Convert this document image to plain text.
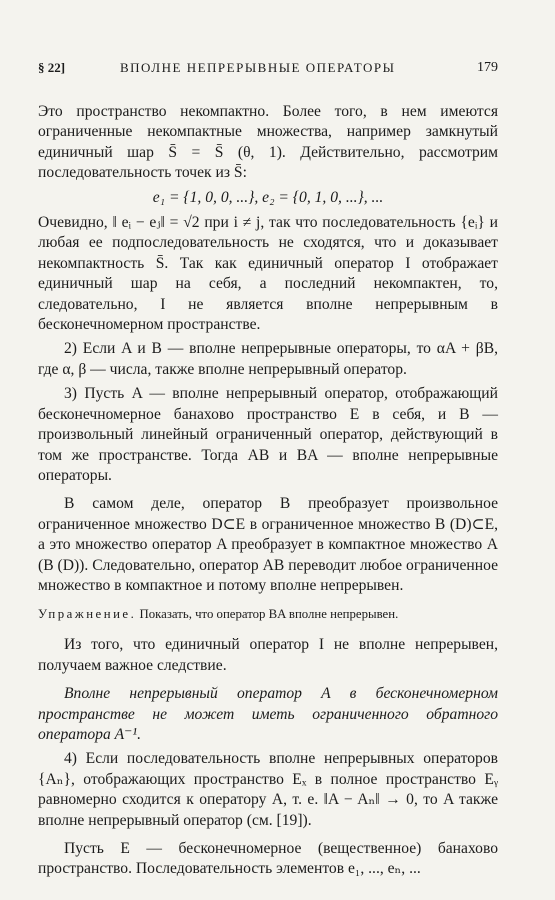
§ 22]	ВПОЛНЕ НЕПРЕРЫВНЫЕ ОПЕРАТОРЫ	179

Это пространство некомпактно. Более того, в нем имеются ограниченные некомпактные множества, например замкнутый единичный шар S̄ = S̄ (θ, 1). Действительно, рассмотрим последовательность точек из S̄:

e₁ = {1, 0, 0, ...}, e₂ = {0, 1, 0, ...}, ...

Очевидно, ‖ eᵢ − eⱼ‖ = √2 при i ≠ j, так что последовательность {eᵢ} и любая ее подпоследовательность не сходятся, что и доказывает некомпактность S̄. Так как единичный оператор I отображает единичный шар на себя, а последний некомпактен, то, следовательно, I не является вполне непрерывным в бесконечномерном пространстве.

2) Если A и B — вполне непрерывные операторы, то αA + βB, где α, β — числа, также вполне непрерывный оператор.

3) Пусть A — вполне непрерывный оператор, отображающий бесконечномерное банахово пространство E в себя, и B — произвольный линейный ограниченный оператор, действующий в том же пространстве. Тогда AB и BA — вполне непрерывные операторы.

В самом деле, оператор B преобразует произвольное ограниченное множество D⊂E в ограниченное множество B (D)⊂E, а это множество оператор A преобразует в компактное множество A (B (D)). Следовательно, оператор AB переводит любое ограниченное множество в компактное и потому вполне непрерывен.

Упражнение. Показать, что оператор BA вполне непрерывен.

Из того, что единичный оператор I не вполне непрерывен, получаем важное следствие.

Вполне непрерывный оператор A в бесконечномерном пространстве не может иметь ограниченного обратного оператора A⁻¹.

4) Если последовательность вполне непрерывных операторов {Aₙ}, отображающих пространство Eₓ в полное пространство Eᵧ равномерно сходится к оператору A, т. е. ‖A − Aₙ‖ → 0, то A также вполне непрерывный оператор (см. [19]).

Пусть E — бесконечномерное (вещественное) банахово пространство. Последовательность элементов e₁, ..., eₙ, ...
